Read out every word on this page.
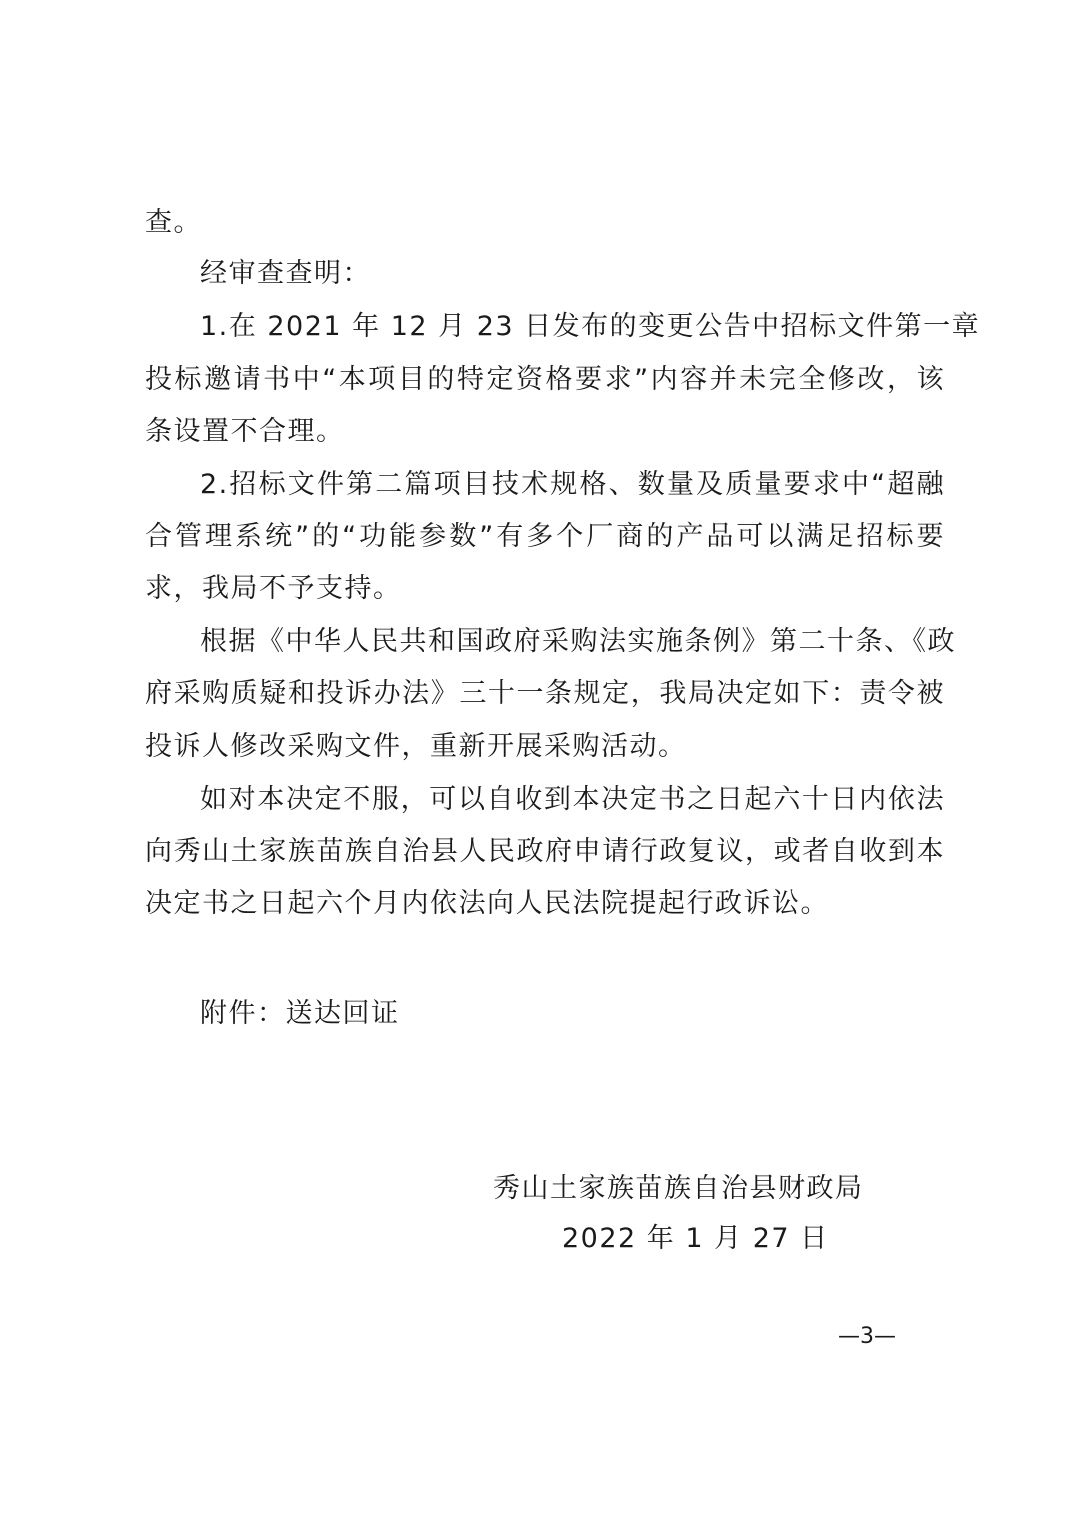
查。
经审查查明：
1.在 2021 年 12 月 23 日发布的变更公告中招标文件第一章
投标邀请书中“本项目的特定资格要求”内容并未完全修改，该
条设置不合理。
2.招标文件第二篇项目技术规格、数量及质量要求中“超融
合管理系统”的“功能参数”有多个厂商的产品可以满足招标要
求，我局不予支持。
根据《中华人民共和国政府采购法实施条例》第二十条、《政
府采购质疑和投诉办法》三十一条规定，我局决定如下：责令被
投诉人修改采购文件，重新开展采购活动。
如对本决定不服，可以自收到本决定书之日起六十日内依法
向秀山土家族苗族自治县人民政府申请行政复议，或者自收到本
决定书之日起六个月内依法向人民法院提起行政诉讼。
附件：送达回证
秀山土家族苗族自治县财政局
2022 年 1 月 27 日
—3—
